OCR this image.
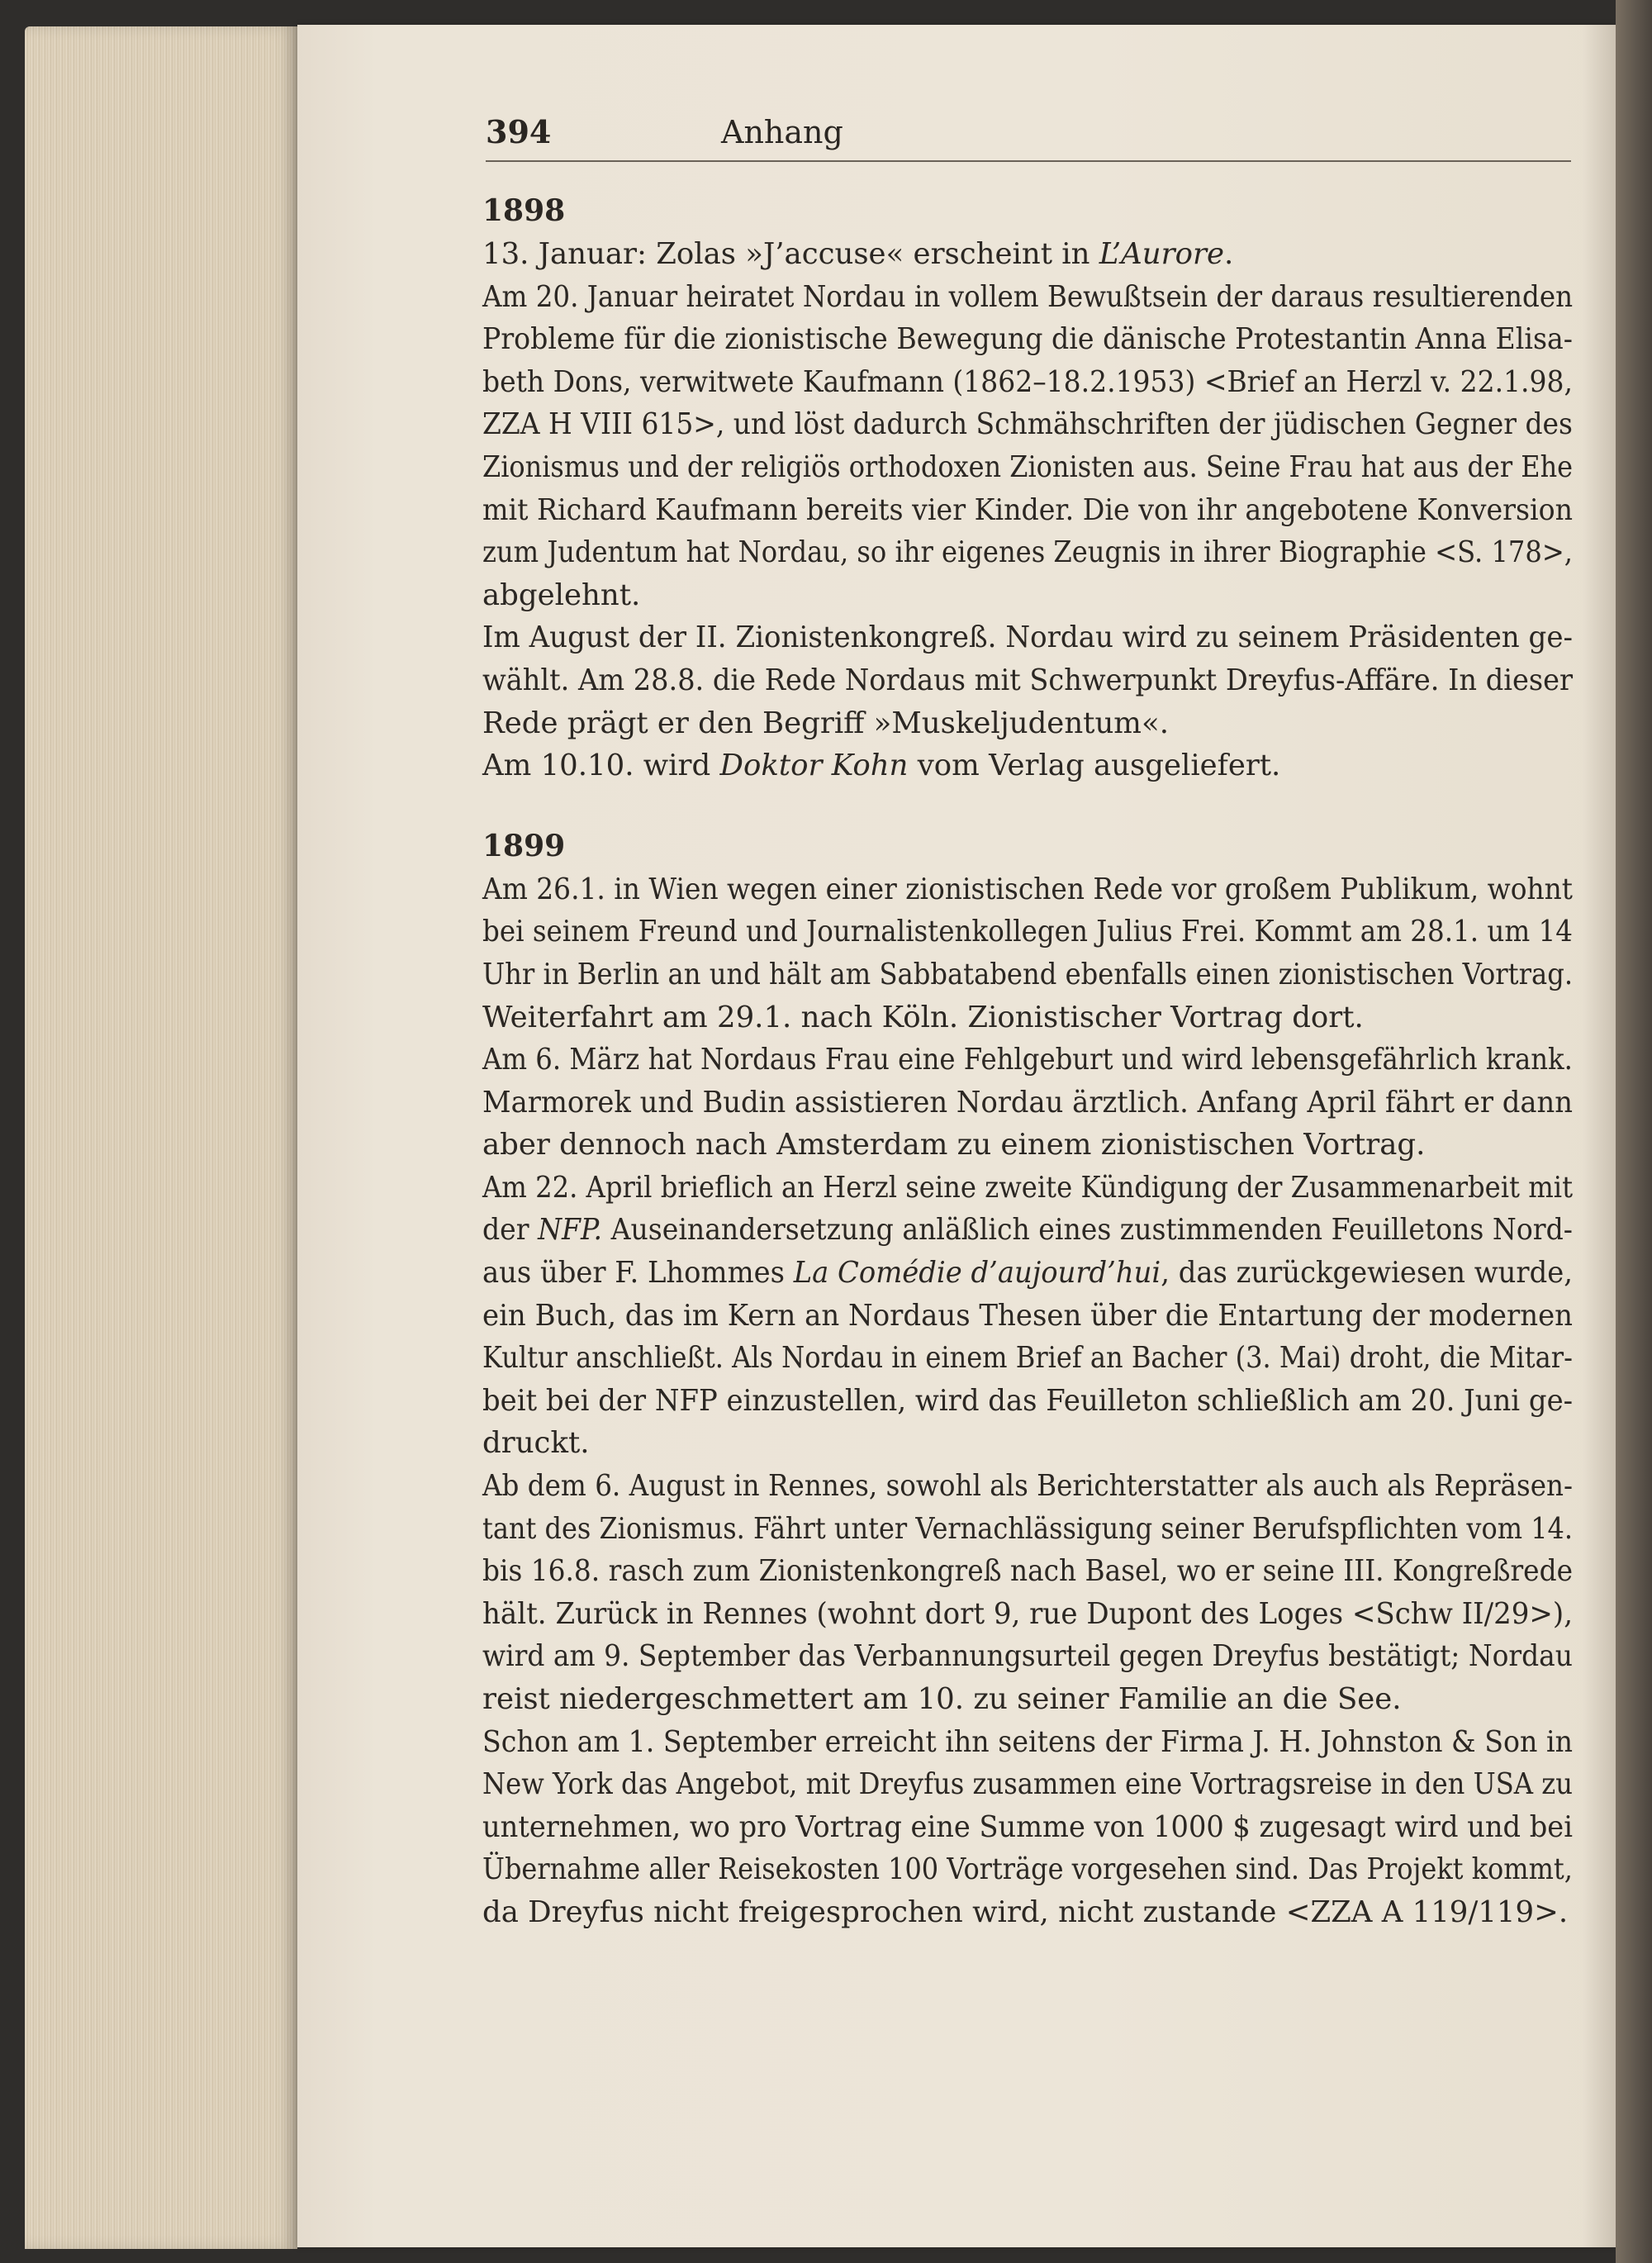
394	Anhang
1898

13. Januar: Zolas »J’accuse« erscheint in L’Aurore.

Am 20. Januar heiratet Nordau in vollem Bewußtsein der daraus resultierenden
Probleme für die zionistische Bewegung die dänische Protestantin Anna Elisa-
beth Dons, verwitwete Kaufmann (1862–18.2.1953) <Brief an Herzl v. 22.1.98,
ZZA H VIII 615>, und löst dadurch Schmähschriften der jüdischen Gegner des
Zionismus und der religiös orthodoxen Zionisten aus. Seine Frau hat aus der Ehe
mit Richard Kaufmann bereits vier Kinder. Die von ihr angebotene Konversion
zum Judentum hat Nordau, so ihr eigenes Zeugnis in ihrer Biographie <S. 178>,
abgelehnt.

Im August der II. Zionistenkongreß. Nordau wird zu seinem Präsidenten ge-
wählt. Am 28.8. die Rede Nordaus mit Schwerpunkt Dreyfus-Affäre. In dieser
Rede prägt er den Begriff »Muskeljudentum«.

Am 10.10. wird Doktor Kohn vom Verlag ausgeliefert.

1899

Am 26.1. in Wien wegen einer zionistischen Rede vor großem Publikum, wohnt
bei seinem Freund und Journalistenkollegen Julius Frei. Kommt am 28.1. um 14
Uhr in Berlin an und hält am Sabbatabend ebenfalls einen zionistischen Vortrag.
Weiterfahrt am 29.1. nach Köln. Zionistischer Vortrag dort.

Am 6. März hat Nordaus Frau eine Fehlgeburt und wird lebensgefährlich krank.
Marmorek und Budin assistieren Nordau ärztlich. Anfang April fährt er dann
aber dennoch nach Amsterdam zu einem zionistischen Vortrag.

Am 22. April brieflich an Herzl seine zweite Kündigung der Zusammenarbeit mit
der NFP. Auseinandersetzung anläßlich eines zustimmenden Feuilletons Nord-
aus über F. Lhommes La Comédie d’aujourd’hui, das zurückgewiesen wurde,
ein Buch, das im Kern an Nordaus Thesen über die Entartung der modernen
Kultur anschließt. Als Nordau in einem Brief an Bacher (3. Mai) droht, die Mitar-
beit bei der NFP einzustellen, wird das Feuilleton schließlich am 20. Juni ge-
druckt.

Ab dem 6. August in Rennes, sowohl als Berichterstatter als auch als Repräsen-
tant des Zionismus. Fährt unter Vernachlässigung seiner Berufspflichten vom 14.
bis 16.8. rasch zum Zionistenkongreß nach Basel, wo er seine III. Kongreßrede
hält. Zurück in Rennes (wohnt dort 9, rue Dupont des Loges <Schw II/29>),
wird am 9. September das Verbannungsurteil gegen Dreyfus bestätigt; Nordau
reist niedergeschmettert am 10. zu seiner Familie an die See.

Schon am 1. September erreicht ihn seitens der Firma J. H. Johnston & Son in
New York das Angebot, mit Dreyfus zusammen eine Vortragsreise in den USA zu
unternehmen, wo pro Vortrag eine Summe von 1000 $ zugesagt wird und bei
Übernahme aller Reisekosten 100 Vorträge vorgesehen sind. Das Projekt kommt,
da Dreyfus nicht freigesprochen wird, nicht zustande <ZZA A 119/119>.
